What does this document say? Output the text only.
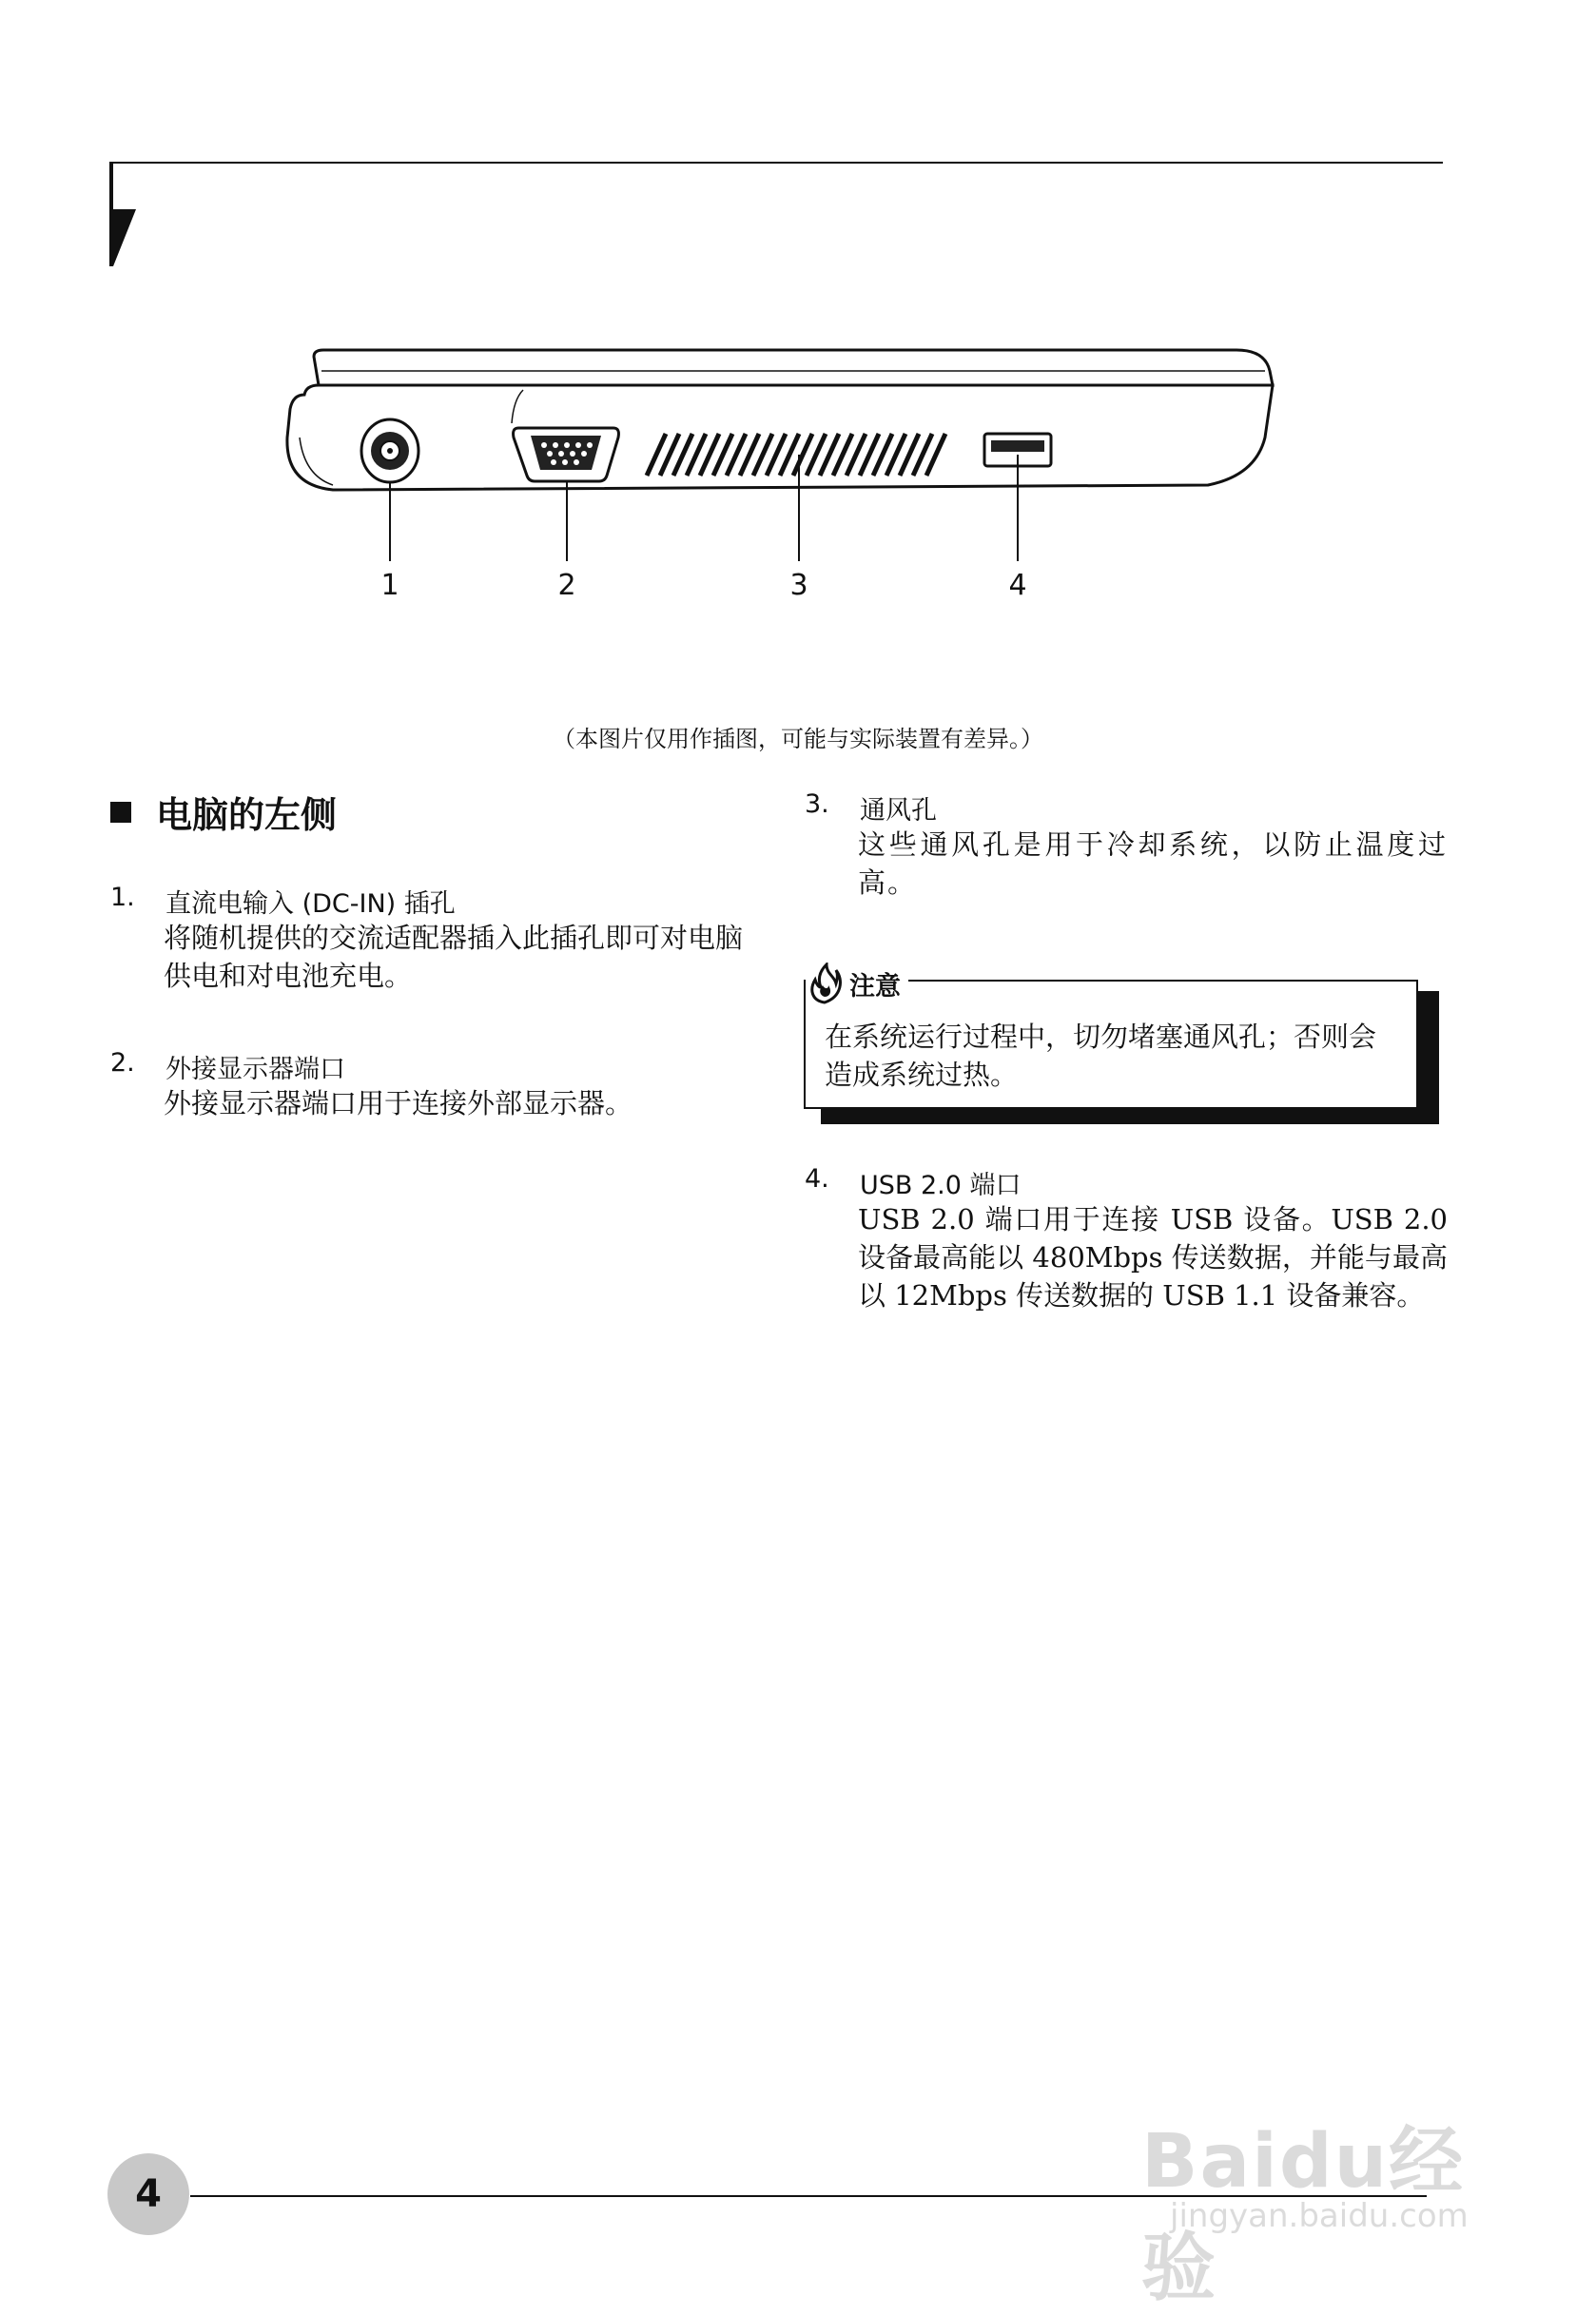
1	2	3	4
（本图片仅用作插图，可能与实际装置有差异。）
电脑的左侧
1.	直流电输入 (DC-IN) 插孔
将随机提供的交流适配器插入此插孔即可对电脑供电和对电池充电。
2.	外接显示器端口
外接显示器端口用于连接外部显示器。
3.	通风孔
这些通风孔是用于冷却系统，以防止温度过高。
在系统运行过程中，切勿堵塞通风孔；否则会造成系统过热。
注意
4.	USB 2.0 端口
USB 2.0 端口用于连接 USB 设备。USB 2.0 设备最高能以 480Mbps 传送数据，并能与最高以 12Mbps 传送数据的 USB 1.1 设备兼容。
4	Baidu经验
jingyan.baidu.com
